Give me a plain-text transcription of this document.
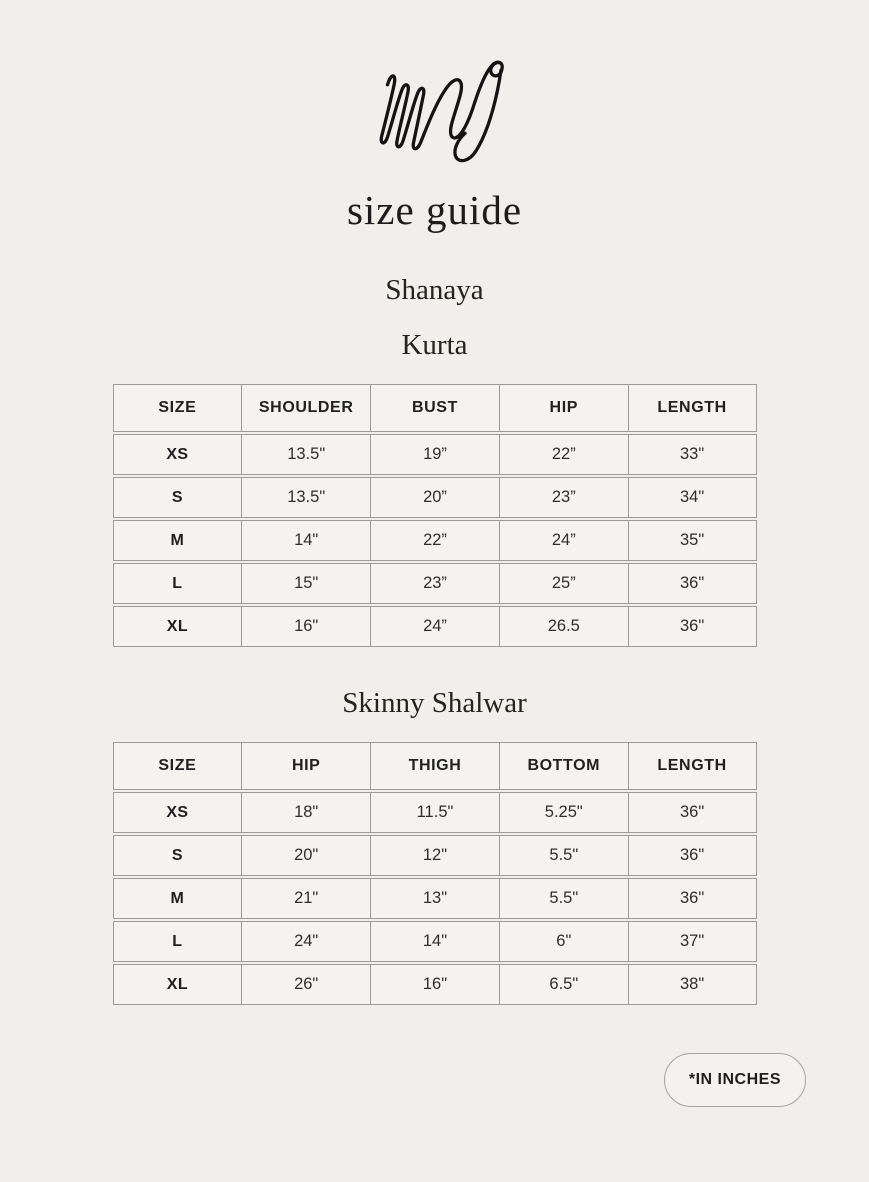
size guide
Shanaya
Kurta
SIZE	SHOULDER	BUST	HIP	LENGTH
XS	13.5"	19”	22”	33"
S	13.5"	20”	23”	34"
M	14"	22”	24”	35"
L	15"	23”	25”	36"
XL	16"	24”	26.5	36"
Skinny Shalwar
SIZE	HIP	THIGH	BOTTOM	LENGTH
XS	18"	11.5"	5.25"	36"
S	20"	12"	5.5"	36"
M	21"	13"	5.5"	36"
L	24"	14"	6"	37"
XL	26"	16"	6.5"	38"
*IN INCHES
